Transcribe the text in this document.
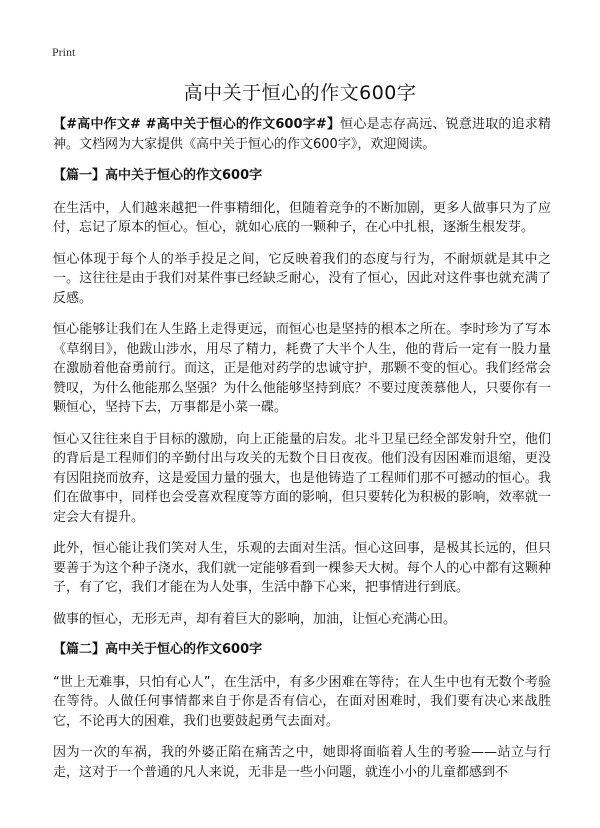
Print
高中关于恒心的作文600字

【#高中作文# #高中关于恒心的作文600字#】恒心是志存高远、锐意进取的追求精神。文档网为大家提供《高中关于恒心的作文600字》，欢迎阅读。

【篇一】高中关于恒心的作文600字

在生活中，人们越来越把一件事精细化，但随着竞争的不断加剧，更多人做事只为了应付，忘记了原本的恒心。恒心，就如心底的一颗种子，在心中扎根，逐渐生根发芽。

恒心体现于每个人的举手投足之间，它反映着我们的态度与行为，不耐烦就是其中之一。这往往是由于我们对某件事已经缺乏耐心，没有了恒心，因此对这件事也就充满了反感。

恒心能够让我们在人生路上走得更远，而恒心也是坚持的根本之所在。李时珍为了写本《草纲目》，他跋山涉水，用尽了精力，耗费了大半个人生，他的背后一定有一股力量在激励着他奋勇前行。而这，正是他对药学的忠诚守护，那颗不变的恒心。我们经常会赞叹，为什么他能那么坚强？为什么他能够坚持到底？不要过度羡慕他人，只要你有一颗恒心，坚持下去，万事都是小菜一碟。

恒心又往往来自于目标的激励，向上正能量的启发。北斗卫星已经全部发射升空，他们的背后是工程师们的辛勤付出与攻关的无数个日日夜夜。他们没有因困难而退缩，更没有因阻挠而放弃，这是爱国力量的强大，也是他铸造了工程师们那不可撼动的恒心。我们在做事中，同样也会受喜欢程度等方面的影响，但只要转化为积极的影响，效率就一定会大有提升。

此外，恒心能让我们笑对人生，乐观的去面对生活。恒心这回事，是极其长远的，但只要善于为这个种子浇水，我们就一定能够看到一棵参天大树。每个人的心中都有这颗种子，有了它，我们才能在为人处事，生活中静下心来，把事情进行到底。

做事的恒心，无形无声，却有着巨大的影响，加油，让恒心充满心田。

【篇二】高中关于恒心的作文600字

“世上无难事，只怕有心人”，在生活中，有多少困难在等待；在人生中也有无数个考验在等待。人做任何事情都来自于你是否有信心，在面对困难时，我们要有决心来战胜它，不论再大的困难，我们也要鼓起勇气去面对。

因为一次的车祸，我的外婆正陷在痛苦之中，她即将面临着人生的考验——站立与行走，这对于一个普通的凡人来说，无非是一些小问题，就连小小的儿童都感到不
